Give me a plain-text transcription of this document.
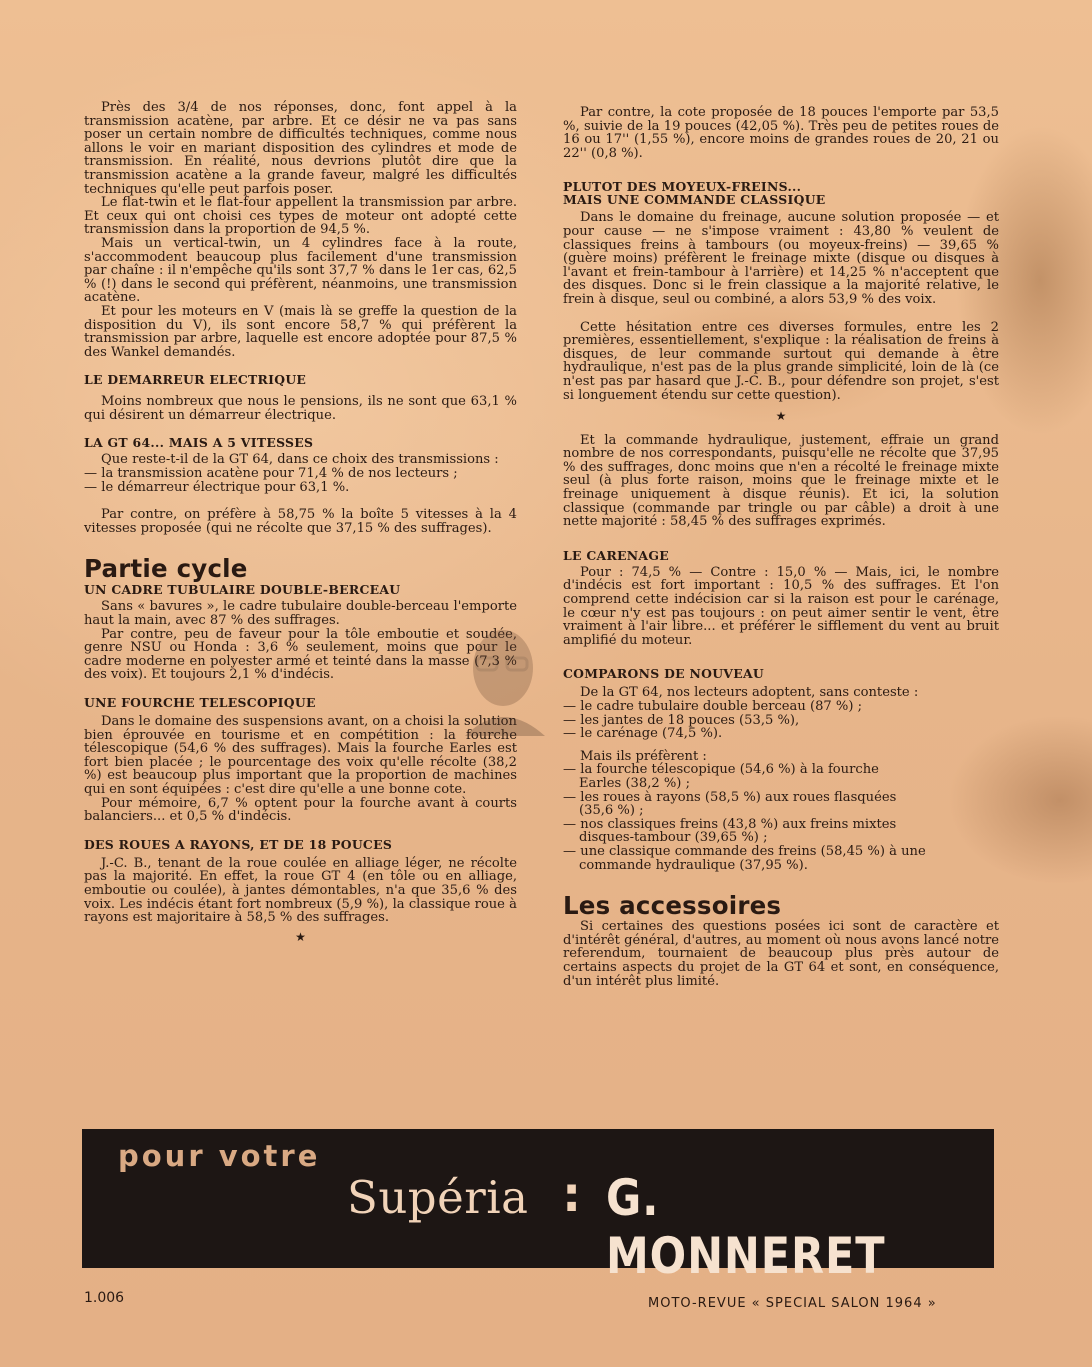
Près des 3/4 de nos réponses, donc, font appel à la transmission acatène, par arbre. Et ce désir ne va pas sans poser un certain nombre de difficultés techniques, comme nous allons le voir en mariant disposition des cylindres et mode de transmission. En réalité, nous devrions plutôt dire que la transmission acatène a la grande faveur, malgré les difficultés techniques qu'elle peut parfois poser.

Le flat-twin et le flat-four appellent la transmission par arbre. Et ceux qui ont choisi ces types de moteur ont adopté cette transmission dans la proportion de 94,5 %.

Mais un vertical-twin, un 4 cylindres face à la route, s'accommodent beaucoup plus facilement d'une transmission par chaîne : il n'empêche qu'ils sont 37,7 % dans le 1er cas, 62,5 % (!) dans le second qui préfèrent, néanmoins, une transmission acatène.

Et pour les moteurs en V (mais là se greffe la question de la disposition du V), ils sont encore 58,7 % qui préfèrent la transmission par arbre, laquelle est encore adoptée pour 87,5 % des Wankel demandés.

LE DEMARREUR ELECTRIQUE

Moins nombreux que nous le pensions, ils ne sont que 63,1 % qui désirent un démarreur électrique.

LA GT 64... MAIS A 5 VITESSES

Que reste-t-il de la GT 64, dans ce choix des transmissions :

— la transmission acatène pour 71,4 % de nos lecteurs ;

— le démarreur électrique pour 63,1 %.

Par contre, on préfère à 58,75 % la boîte 5 vitesses à la 4 vitesses proposée (qui ne récolte que 37,15 % des suffrages).

Partie cycle
UN CADRE TUBULAIRE DOUBLE-BERCEAU

Sans « bavures », le cadre tubulaire double-berceau l'emporte haut la main, avec 87 % des suffrages.

Par contre, peu de faveur pour la tôle emboutie et soudée, genre NSU ou Honda : 3,6 % seulement, moins que pour le cadre moderne en polyester armé et teinté dans la masse (7,3 % des voix). Et toujours 2,1 % d'indécis.

UNE FOURCHE TELESCOPIQUE

Dans le domaine des suspensions avant, on a choisi la solution bien éprouvée en tourisme et en compétition : la fourche télescopique (54,6 % des suffrages). Mais la fourche Earles est fort bien placée ; le pourcentage des voix qu'elle récolte (38,2 %) est beaucoup plus important que la proportion de machines qui en sont équipées : c'est dire qu'elle a une bonne cote.

Pour mémoire, 6,7 % optent pour la fourche avant à courts balanciers... et 0,5 % d'indécis.

DES ROUES A RAYONS, ET DE 18 POUCES

J.-C. B., tenant de la roue coulée en alliage léger, ne récolte pas la majorité. En effet, la roue GT 4 (en tôle ou en alliage, emboutie ou coulée), à jantes démontables, n'a que 35,6 % des voix. Les indécis étant fort nombreux (5,9 %), la classique roue à rayons est majoritaire à 58,5 % des suffrages.

★

Par contre, la cote proposée de 18 pouces l'emporte par 53,5 %, suivie de la 19 pouces (42,05 %). Très peu de petites roues de 16 ou 17'' (1,55 %), encore moins de grandes roues de 20, 21 ou 22'' (0,8 %).

PLUTOT DES MOYEUX-FREINS...
MAIS UNE COMMANDE CLASSIQUE

Dans le domaine du freinage, aucune solution proposée — et pour cause — ne s'impose vraiment : 43,80 % veulent de classiques freins à tambours (ou moyeux-freins) — 39,65 % (guère moins) préfèrent le freinage mixte (disque ou disques à l'avant et frein-tambour à l'arrière) et 14,25 % n'acceptent que des disques. Donc si le frein classique a la majorité relative, le frein à disque, seul ou combiné, a alors 53,9 % des voix.

Cette hésitation entre ces diverses formules, entre les 2 premières, essentiellement, s'explique : la réalisation de freins à disques, de leur commande surtout qui demande à être hydraulique, n'est pas de la plus grande simplicité, loin de là (ce n'est pas par hasard que J.-C. B., pour défendre son projet, s'est si longuement étendu sur cette question).

★

Et la commande hydraulique, justement, effraie un grand nombre de nos correspondants, puisqu'elle ne récolte que 37,95 % des suffrages, donc moins que n'en a récolté le freinage mixte seul (à plus forte raison, moins que le freinage mixte et le freinage uniquement à disque réunis). Et ici, la solution classique (commande par tringle ou par câble) a droit à une nette majorité : 58,45 % des suffrages exprimés.

LE CARENAGE

Pour : 74,5 % — Contre : 15,0 % — Mais, ici, le nombre d'indécis est fort important : 10,5 % des suffrages. Et l'on comprend cette indécision car si la raison est pour le carénage, le cœur n'y est pas toujours : on peut aimer sentir le vent, être vraiment à l'air libre... et préférer le sifflement du vent au bruit amplifié du moteur.

COMPARONS DE NOUVEAU

De la GT 64, nos lecteurs adoptent, sans conteste :

— le cadre tubulaire double berceau (87 %) ;

— les jantes de 18 pouces (53,5 %),

— le carénage (74,5 %).

Mais ils préfèrent :

— la fourche télescopique (54,6 %) à la fourche

Earles (38,2 %) ;

— les roues à rayons (58,5 %) aux roues flasquées

(35,6 %) ;

— nos classiques freins (43,8 %) aux freins mixtes

disques-tambour (39,65 %) ;

— une classique commande des freins (58,45 %) à une

commande hydraulique (37,95 %).

Les accessoires

Si certaines des questions posées ici sont de caractère et d'intérêt général, d'autres, au moment où nous avons lancé notre referendum, tournaient de beaucoup plus près autour de certains aspects du projet de la GT 64 et sont, en conséquence, d'un intérêt plus limité.

pour votre
Supéria : G. MONNERET
1.006	MOTO-REVUE « SPECIAL SALON 1964 »
